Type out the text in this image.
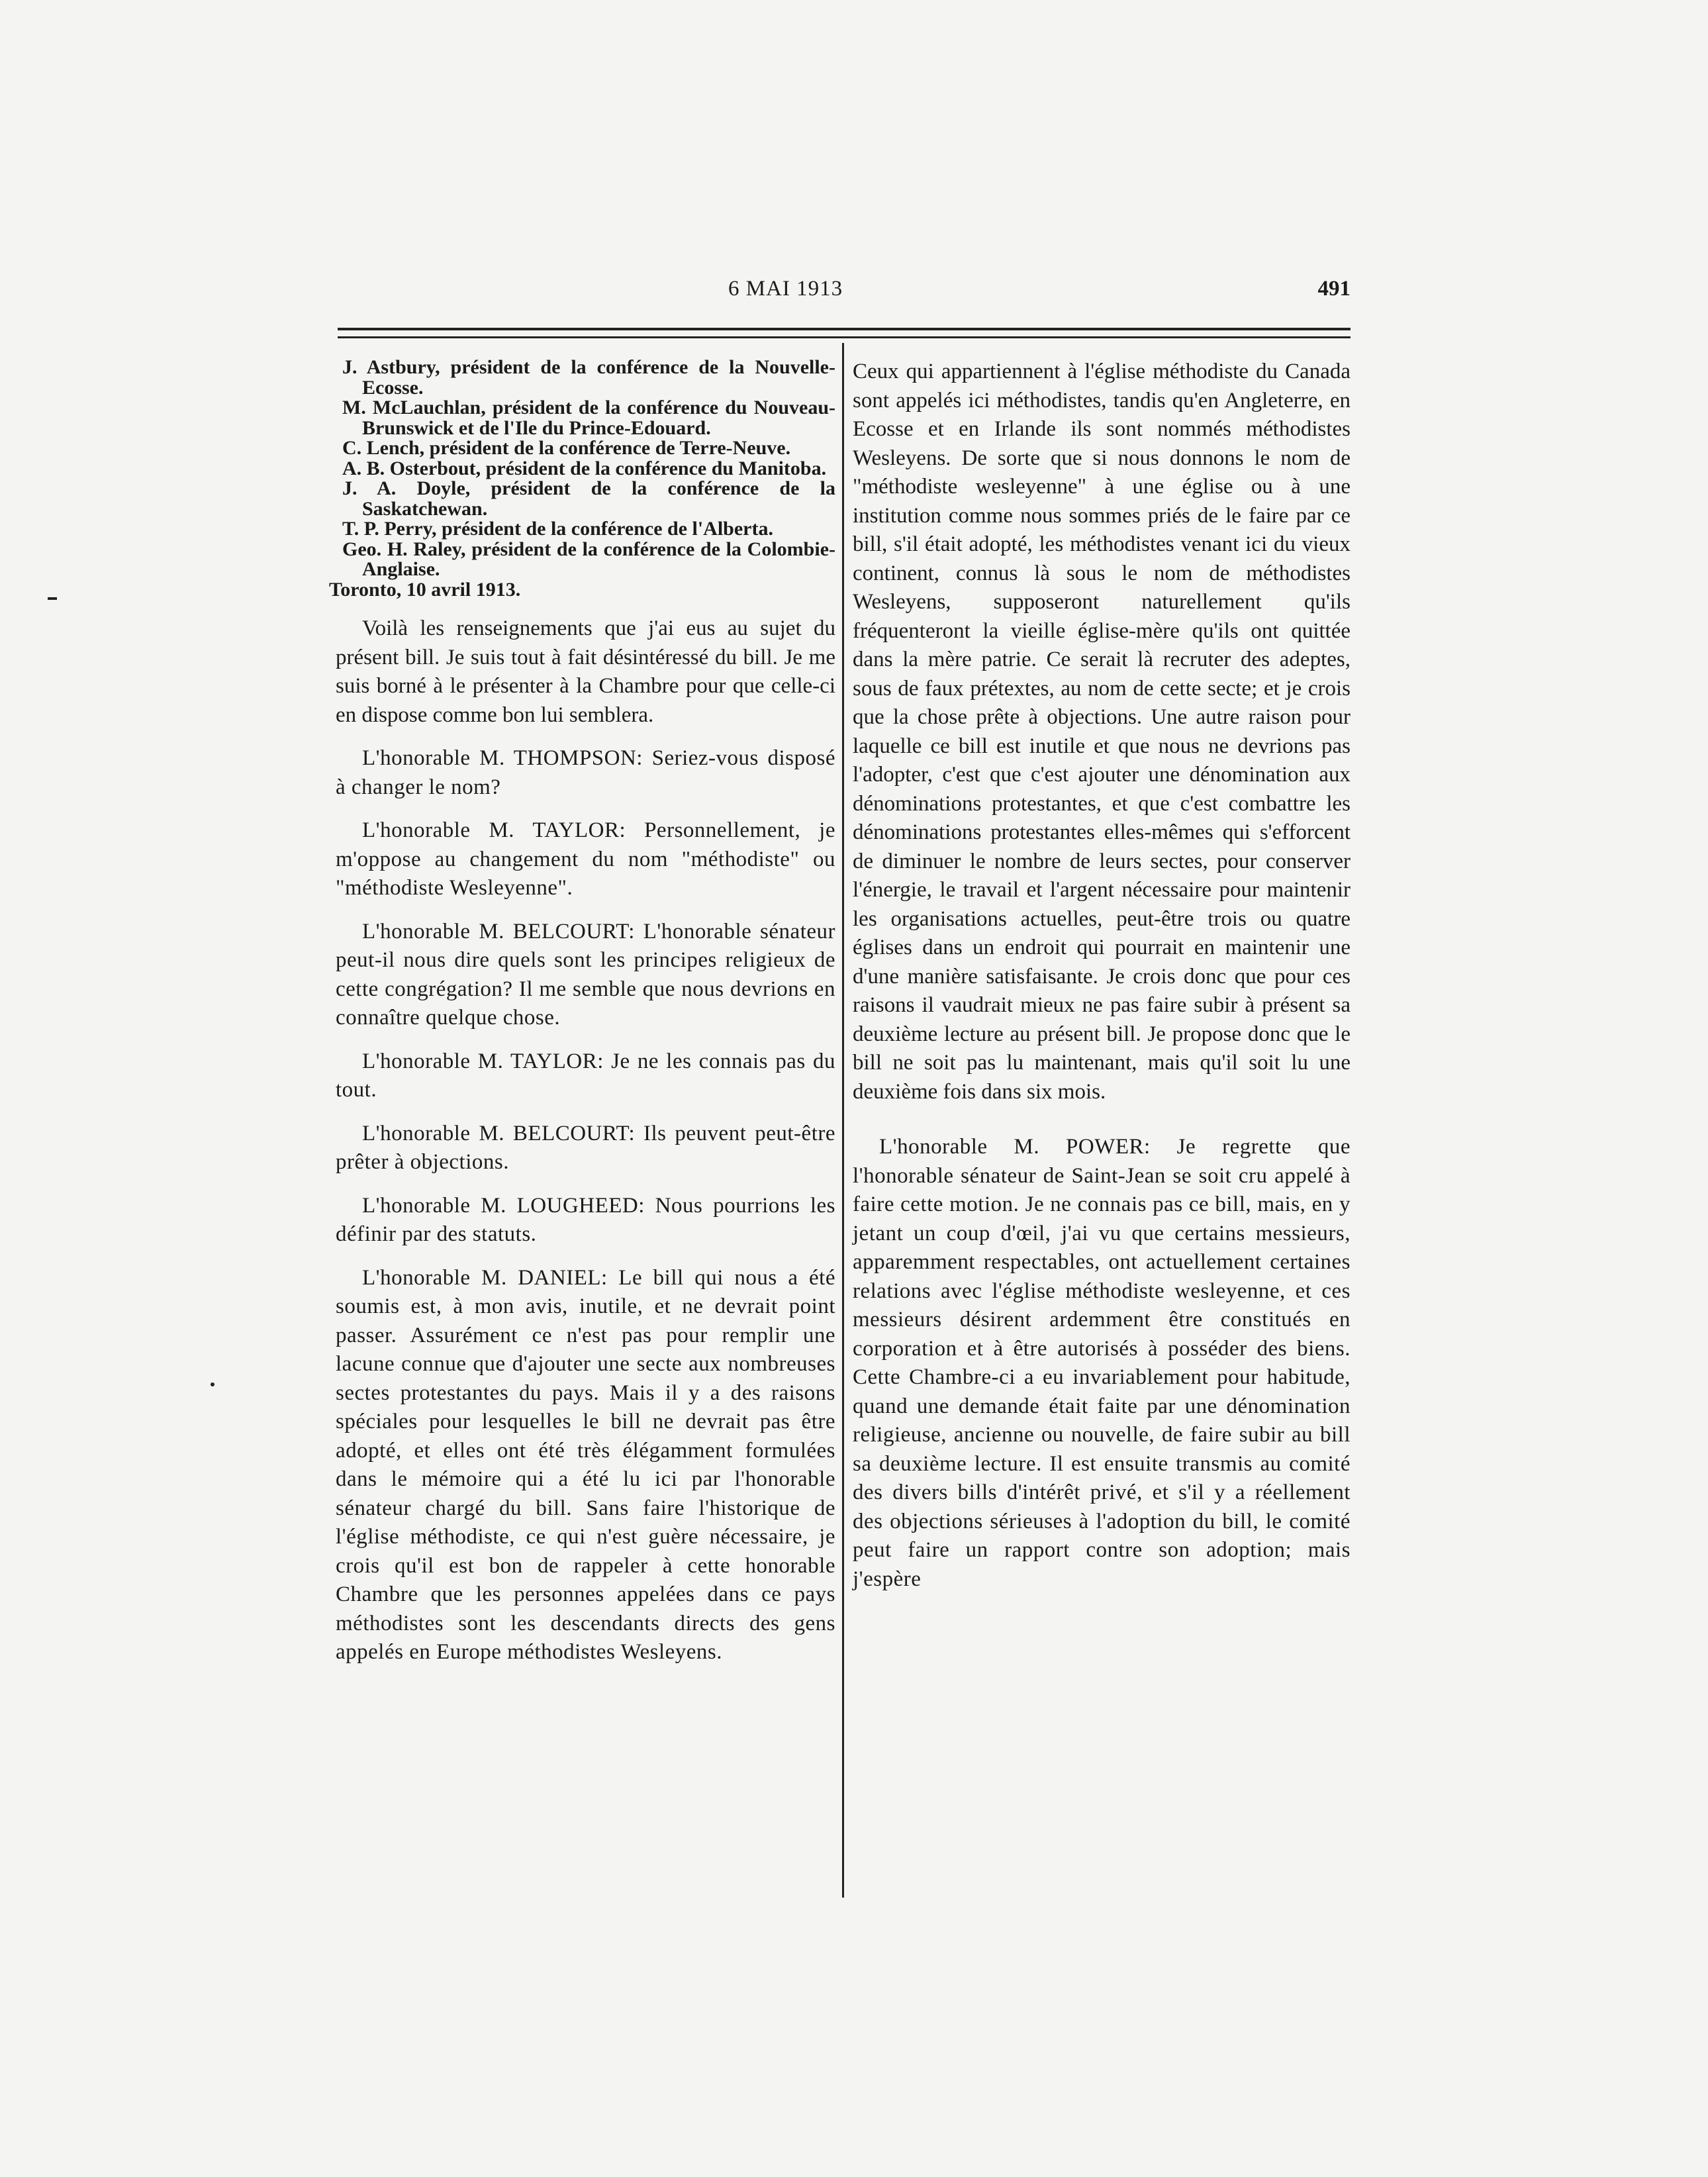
6 MAI 1913	491
J. Astbury, président de la conférence de la Nouvelle-Ecosse.
M. McLauchlan, président de la conférence du Nouveau-Brunswick et de l'Ile du Prince-Edouard.
C. Lench, président de la conférence de Terre-Neuve.
A. B. Osterbout, président de la conférence du Manitoba.
J. A. Doyle, président de la conférence de la Saskatchewan.
T. P. Perry, président de la conférence de l'Alberta.
Geo. H. Raley, président de la conférence de la Colombie-Anglaise.
Toronto, 10 avril 1913.

Voilà les renseignements que j'ai eus au sujet du présent bill. Je suis tout à fait désintéressé du bill. Je me suis borné à le présenter à la Chambre pour que celle-ci en dispose comme bon lui semblera.

L'honorable M. THOMPSON: Seriez-vous disposé à changer le nom?

L'honorable M. TAYLOR: Personnellement, je m'oppose au changement du nom "méthodiste" ou "méthodiste Wesleyenne".

L'honorable M. BELCOURT: L'honorable sénateur peut-il nous dire quels sont les principes religieux de cette congrégation? Il me semble que nous devrions en connaître quelque chose.

L'honorable M. TAYLOR: Je ne les connais pas du tout.

L'honorable M. BELCOURT: Ils peuvent peut-être prêter à objections.

L'honorable M. LOUGHEED: Nous pourrions les définir par des statuts.

L'honorable M. DANIEL: Le bill qui nous a été soumis est, à mon avis, inutile, et ne devrait point passer. Assurément ce n'est pas pour remplir une lacune connue que d'ajouter une secte aux nombreuses sectes protestantes du pays. Mais il y a des raisons spéciales pour lesquelles le bill ne devrait pas être adopté, et elles ont été très élégamment formulées dans le mémoire qui a été lu ici par l'honorable sénateur chargé du bill. Sans faire l'historique de l'église méthodiste, ce qui n'est guère nécessaire, je crois qu'il est bon de rappeler à cette honorable Chambre que les personnes appelées dans ce pays méthodistes sont les descendants directs des gens appelés en Europe méthodistes Wesleyens.

Ceux qui appartiennent à l'église méthodiste du Canada sont appelés ici méthodistes, tandis qu'en Angleterre, en Ecosse et en Irlande ils sont nommés méthodistes Wesleyens. De sorte que si nous donnons le nom de "méthodiste wesleyenne" à une église ou à une institution comme nous sommes priés de le faire par ce bill, s'il était adopté, les méthodistes venant ici du vieux continent, connus là sous le nom de méthodistes Wesleyens, supposeront naturellement qu'ils fréquenteront la vieille église-mère qu'ils ont quittée dans la mère patrie. Ce serait là recruter des adeptes, sous de faux prétextes, au nom de cette secte; et je crois que la chose prête à objections. Une autre raison pour laquelle ce bill est inutile et que nous ne devrions pas l'adopter, c'est que c'est ajouter une dénomination aux dénominations protestantes, et que c'est combattre les dénominations protestantes elles-mêmes qui s'efforcent de diminuer le nombre de leurs sectes, pour conserver l'énergie, le travail et l'argent nécessaire pour maintenir les organisations actuelles, peut-être trois ou quatre églises dans un endroit qui pourrait en maintenir une d'une manière satisfaisante. Je crois donc que pour ces raisons il vaudrait mieux ne pas faire subir à présent sa deuxième lecture au présent bill. Je propose donc que le bill ne soit pas lu maintenant, mais qu'il soit lu une deuxième fois dans six mois.

L'honorable M. POWER: Je regrette que l'honorable sénateur de Saint-Jean se soit cru appelé à faire cette motion. Je ne connais pas ce bill, mais, en y jetant un coup d'œil, j'ai vu que certains messieurs, apparemment respectables, ont actuellement certaines relations avec l'église méthodiste wesleyenne, et ces messieurs désirent ardemment être constitués en corporation et à être autorisés à posséder des biens. Cette Chambre-ci a eu invariablement pour habitude, quand une demande était faite par une dénomination religieuse, ancienne ou nouvelle, de faire subir au bill sa deuxième lecture. Il est ensuite transmis au comité des divers bills d'intérêt privé, et s'il y a réellement des objections sérieuses à l'adoption du bill, le comité peut faire un rapport contre son adoption; mais j'espère
